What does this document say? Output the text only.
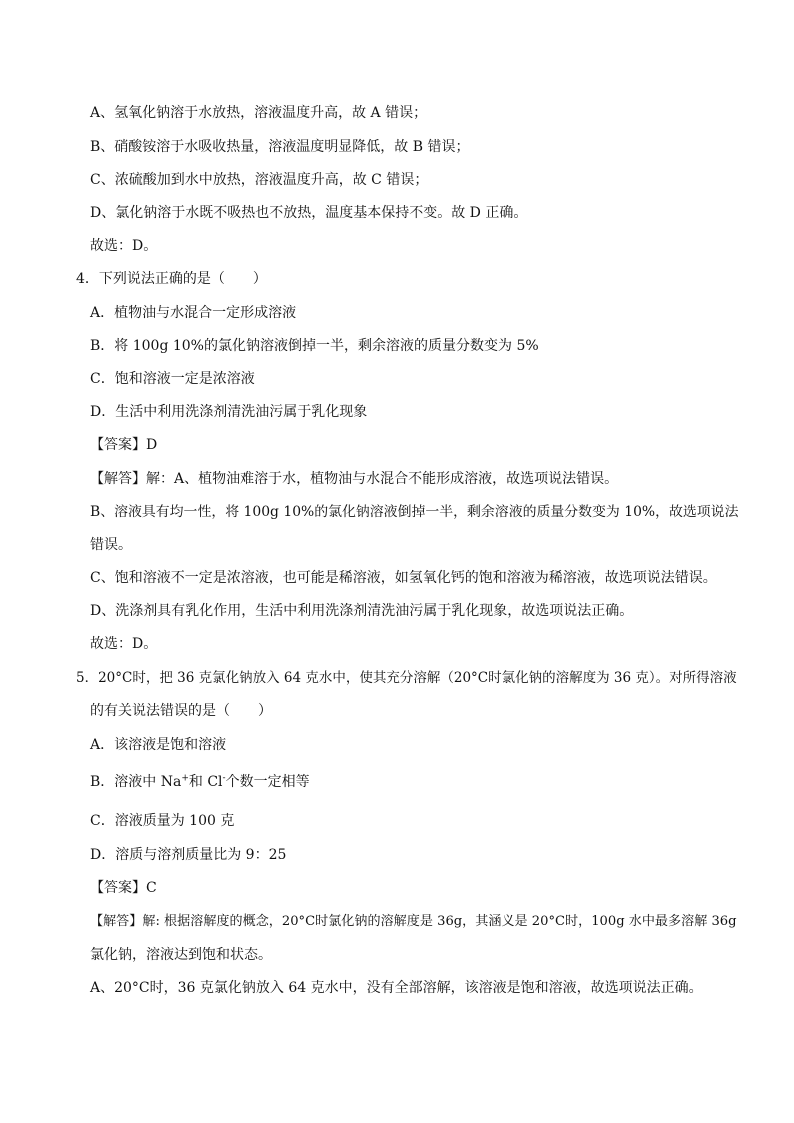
A、氢氧化钠溶于水放热，溶液温度升高，故 A 错误；
B、硝酸铵溶于水吸收热量，溶液温度明显降低，故 B 错误；
C、浓硫酸加到水中放热，溶液温度升高，故 C 错误；
D、氯化钠溶于水既不吸热也不放热，温度基本保持不变。故 D 正确。
故选：D。
4．下列说法正确的是（　　）
A．植物油与水混合一定形成溶液
B．将 100g 10%的氯化钠溶液倒掉一半，剩余溶液的质量分数变为 5%
C．饱和溶液一定是浓溶液
D．生活中利用洗涤剂清洗油污属于乳化现象
【答案】D
【解答】解：A、植物油难溶于水，植物油与水混合不能形成溶液，故选项说法错误。
B、溶液具有均一性，将 100g 10%的氯化钠溶液倒掉一半，剩余溶液的质量分数变为 10%，故选项说法
错误。
C、饱和溶液不一定是浓溶液，也可能是稀溶液，如氢氧化钙的饱和溶液为稀溶液，故选项说法错误。
D、洗涤剂具有乳化作用，生活中利用洗涤剂清洗油污属于乳化现象，故选项说法正确。
故选：D。
5．20°C时，把 36 克氯化钠放入 64 克水中，使其充分溶解（20°C时氯化钠的溶解度为 36 克）。对所得溶液
的有关说法错误的是（　　）
A．该溶液是饱和溶液
B．溶液中 Na+和 Cl-个数一定相等
C．溶液质量为 100 克
D．溶质与溶剂质量比为 9：25
【答案】C
【解答】解: 根据溶解度的概念，20°C时氯化钠的溶解度是 36g，其涵义是 20°C时，100g 水中最多溶解 36g
氯化钠，溶液达到饱和状态。
A、20°C时，36 克氯化钠放入 64 克水中，没有全部溶解，该溶液是饱和溶液，故选项说法正确。
